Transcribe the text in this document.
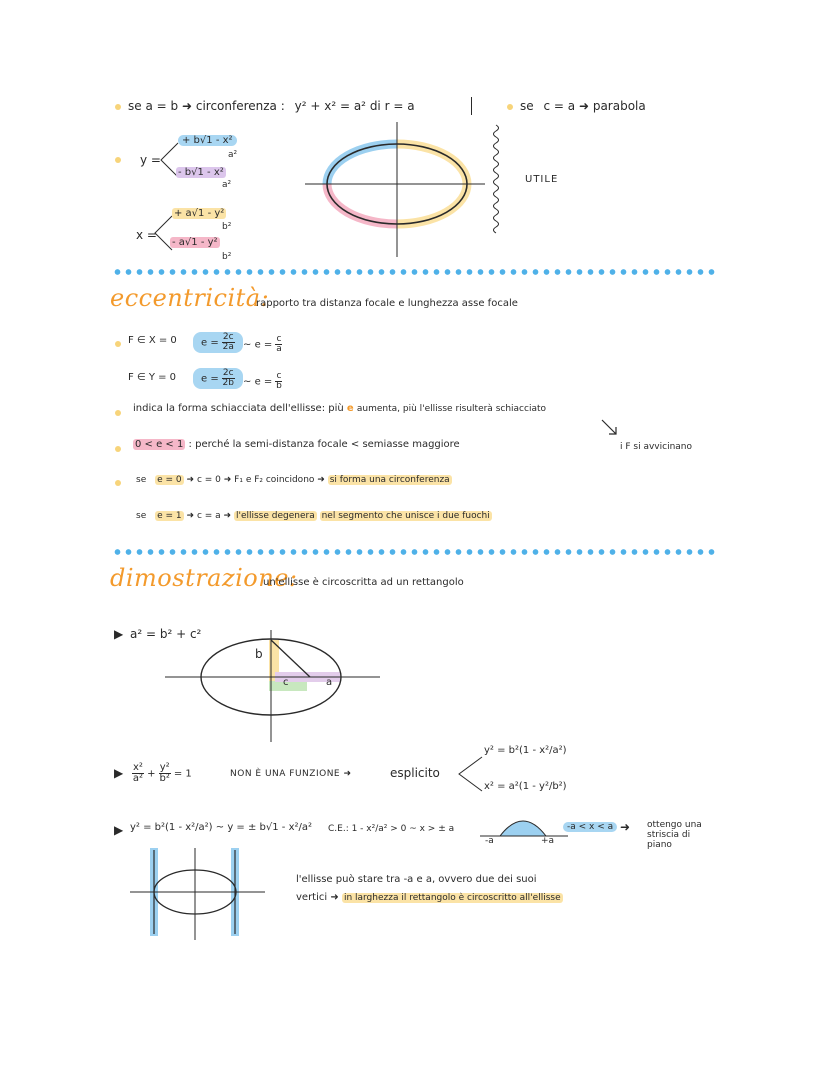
se a = b ➜ circonferenza : y² + x² = a² di r = a	se c = a ➜ parabola
UTILE
y =
+ b√1 - x²
a²
- b√1 - x²
a²
x =
+ a√1 - y²
b²
- a√1 - y²
b²
eccentricità:
rapporto tra distanza focale e lunghezza asse focale
F ∈ X = 0	$e = \frac{2c}{2a}$ ~ $e = \frac{c}{a}$
F ∈ Y = 0	$e = \frac{2c}{2b}$ ~ $e = \frac{c}{b}$
indica la forma schiacciata dell'ellisse: più e aumenta, più l'ellisse risulterà schiacciato
0 < e < 1 : perché la semi-distanza focale < semiasse maggiore	i F si avvicinano
se e = 0 ➜ c = 0 ➜ F₁ e F₂ coincidono ➜ si forma una circonferenza
se e = 1 ➜ c = a ➜ l'ellisse degenera nel segmento che unisce i due fuochi
dimostrazione:
un'ellisse è circoscritta ad un rettangolo
▶ a² = b² + c²
b
c	a
▶ $\frac{\text{x²}}{\text{a²}} + \frac{\text{y²}}{\text{b²}} = 1$	NON È UNA FUNZIONE ➜	esplicito
y² = b²(1 - x²/a²)
x² = a²(1 - y²/b²)
▶ y² = b²(1 - x²/a²) ~ y = ± b√1 - x²/a² C.E.: 1 - x²/a² > 0 ~ x > ± a
-a	+a
-a < x < a ➜ ottengo una striscia di piano
l'ellisse può stare tra -a e a, ovvero due dei suoi
vertici ➜ in larghezza il rettangolo è circoscritto all'ellisse
